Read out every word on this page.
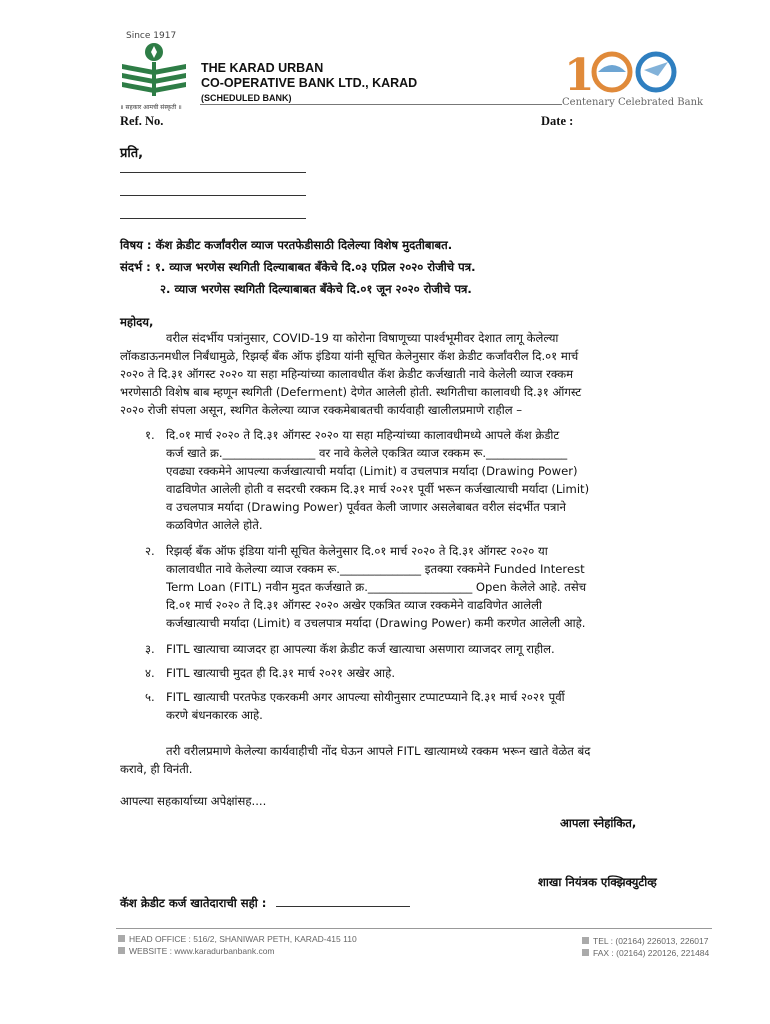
Since 1917
THE KARAD URBAN
CO-OPERATIVE BANK LTD., KARAD
(SCHEDULED BANK)
॥ सहकार आमची संस्कृती ॥
1
Centenary Celebrated Bank
Ref. No.	Date :
प्रति,
विषय : कॅश क्रेडीट कर्जांवरील व्याज परतफेडीसाठी दिलेल्या विशेष मुदतीबाबत.
संदर्भ : १. व्याज भरणेस स्थगिती दिल्याबाबत बँकेचे दि.०३ एप्रिल २०२० रोजीचे पत्र.
२. व्याज भरणेस स्थगिती दिल्याबाबत बँकेचे दि.०१ जून २०२० रोजीचे पत्र.
महोदय,
वरील संदर्भीय पत्रांनुसार, COVID-19 या कोरोना विषाणूच्या पार्श्वभूमीवर देशात लागू केलेल्या
लॉकडाऊनमधील निर्बंधामुळे, रिझर्व्ह बँक ऑफ इंडिया यांनी सूचित केलेनुसार कॅश क्रेडीट कर्जांवरील दि.०१ मार्च
२०२० ते दि.३१ ऑगस्ट २०२० या सहा महिन्यांच्या कालावधीत कॅश क्रेडीट कर्जखाती नावे केलेली व्याज रक्कम
भरणेसाठी विशेष बाब म्हणून स्थगिती (Deferment) देणेत आलेली होती. स्थगितीचा कालावधी दि.३१ ऑगस्ट
२०२० रोजी संपला असून, स्थगित केलेल्या व्याज रक्कमेबाबतची कार्यवाही खालीलप्रमाणे राहील –
१. दि.०१ मार्च २०२० ते दि.३१ ऑगस्ट २०२० या सहा महिन्यांच्या कालावधीमध्ये आपले कॅश क्रेडीट
कर्ज खाते क्र.________________ वर नावे केलेले एकत्रित व्याज रक्कम रू.______________
एवढ्या रक्कमेने आपल्या कर्जखात्याची मर्यादा (Limit) व उचलपात्र मर्यादा (Drawing Power)
वाढविणेत आलेली होती व सदरची रक्कम दि.३१ मार्च २०२१ पूर्वी भरून कर्जखात्याची मर्यादा (Limit)
व उचलपात्र मर्यादा (Drawing Power) पूर्ववत केली जाणार असलेबाबत वरील संदर्भीत पत्राने
कळविणेत आलेले होते.
२. रिझर्व्ह बँक ऑफ इंडिया यांनी सूचित केलेनुसार दि.०१ मार्च २०२० ते दि.३१ ऑगस्ट २०२० या
कालावधीत नावे केलेल्या व्याज रक्कम रू.______________ इतक्या रक्कमेने Funded Interest
Term Loan (FITL) नवीन मुदत कर्जखाते क्र.__________________ Open केलेले आहे. तसेच
दि.०१ मार्च २०२० ते दि.३१ ऑगस्ट २०२० अखेर एकत्रित व्याज रक्कमेने वाढविणेत आलेली
कर्जखात्याची मर्यादा (Limit) व उचलपात्र मर्यादा (Drawing Power) कमी करणेत आलेली आहे.
३. FITL खात्याचा व्याजदर हा आपल्या कॅश क्रेडीट कर्ज खात्याचा असणारा व्याजदर लागू राहील.
४. FITL खात्याची मुदत ही दि.३१ मार्च २०२१ अखेर आहे.
५. FITL खात्याची परतफेड एकरकमी अगर आपल्या सोयीनुसार टप्पाटप्प्याने दि.३१ मार्च २०२१ पूर्वी
करणे बंधनकारक आहे.
तरी वरीलप्रमाणे केलेल्या कार्यवाहीची नोंद घेऊन आपले FITL खात्यामध्ये रक्कम भरून खाते वेळेत बंद
करावे, ही विनंती.
आपल्या सहकार्याच्या अपेक्षांसह....
आपला स्नेहांकित,
शाखा नियंत्रक एक्झिक्युटीव्ह
कॅश क्रेडीट कर्ज खातेदाराची सही :
HEAD OFFICE : 516/2, SHANIWAR PETH, KARAD-415 110
WEBSITE : www.karadurbanbank.com
TEL : (02164) 226013, 226017
FAX : (02164) 220126, 221484
